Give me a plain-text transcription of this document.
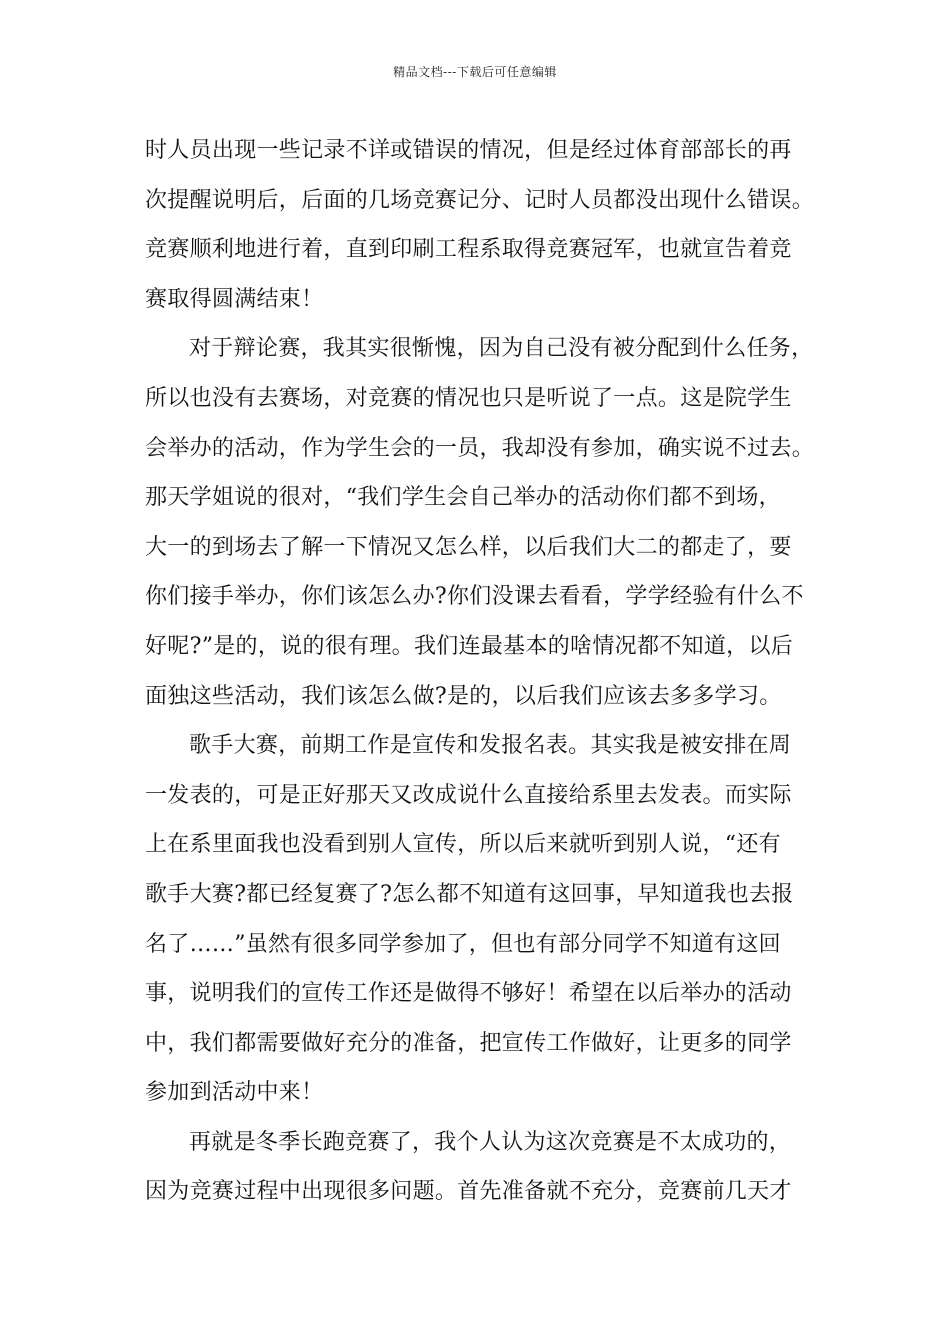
精品文档---下载后可任意编辑
时人员出现一些记录不详或错误的情况，但是经过体育部部长的再
次提醒说明后，后面的几场竞赛记分、记时人员都没出现什么错误。
竞赛顺利地进行着，直到印刷工程系取得竞赛冠军，也就宣告着竞
赛取得圆满结束！
对于辩论赛，我其实很惭愧，因为自己没有被分配到什么任务，
所以也没有去赛场，对竞赛的情况也只是听说了一点。这是院学生
会举办的活动，作为学生会的一员，我却没有参加，确实说不过去。
那天学姐说的很对，“我们学生会自己举办的活动你们都不到场，
大一的到场去了解一下情况又怎么样，以后我们大二的都走了，要
你们接手举办，你们该怎么办?你们没课去看看，学学经验有什么不
好呢?”是的，说的很有理。我们连最基本的啥情况都不知道，以后
面独这些活动，我们该怎么做?是的，以后我们应该去多多学习。
歌手大赛，前期工作是宣传和发报名表。其实我是被安排在周
一发表的，可是正好那天又改成说什么直接给系里去发表。而实际
上在系里面我也没看到别人宣传，所以后来就听到别人说，“还有
歌手大赛?都已经复赛了?怎么都不知道有这回事，早知道我也去报
名了……”虽然有很多同学参加了，但也有部分同学不知道有这回
事，说明我们的宣传工作还是做得不够好！希望在以后举办的活动
中，我们都需要做好充分的准备，把宣传工作做好，让更多的同学
参加到活动中来！
再就是冬季长跑竞赛了，我个人认为这次竞赛是不太成功的，
因为竞赛过程中出现很多问题。首先准备就不充分，竞赛前几天才
